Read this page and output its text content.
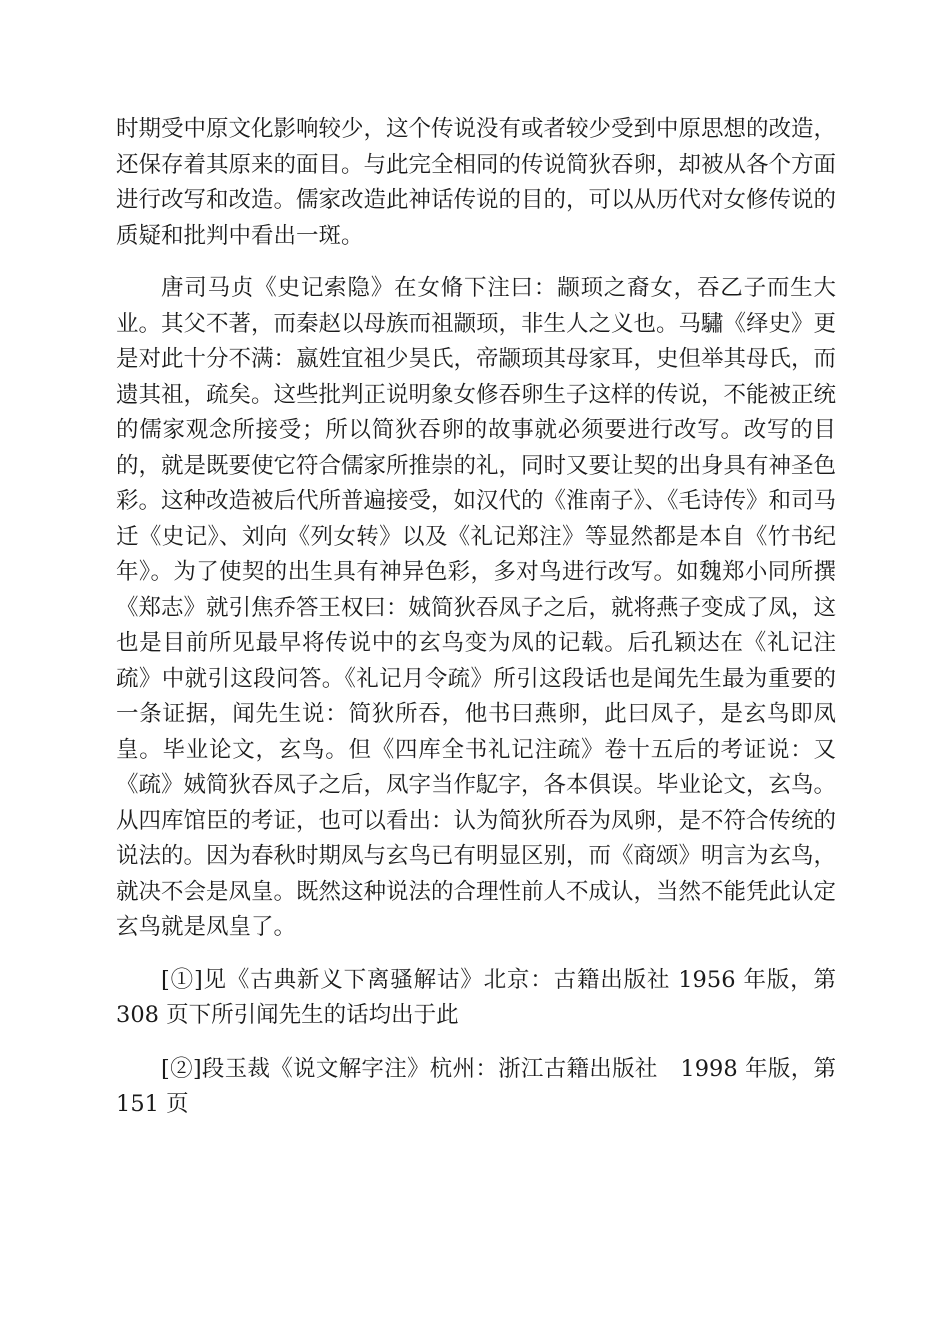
时期受中原文化影响较少，这个传说没有或者较少受到中原思想的改造，还保存着其原来的面目。与此完全相同的传说简狄吞卵，却被从各个方面进行改写和改造。儒家改造此神话传说的目的，可以从历代对女修传说的质疑和批判中看出一斑。

唐司马贞《史记索隐》在女脩下注曰：颛顼之裔女，吞乙子而生大业。其父不著，而秦赵以母族而祖颛顼，非生人之义也。马驌《绎史》更是对此十分不满：嬴姓宜祖少昊氏，帝颛顼其母家耳，史但举其母氏，而遗其祖，疏矣。这些批判正说明象女修吞卵生子这样的传说，不能被正统的儒家观念所接受；所以简狄吞卵的故事就必须要进行改写。改写的目的，就是既要使它符合儒家所推崇的礼，同时又要让契的出身具有神圣色彩。这种改造被后代所普遍接受，如汉代的《淮南子》、《毛诗传》和司马迁《史记》、刘向《列女转》以及《礼记郑注》等显然都是本自《竹书纪年》。为了使契的出生具有神异色彩，多对鸟进行改写。如魏郑小同所撰《郑志》就引焦乔答王权曰：娀简狄吞凤子之后，就将燕子变成了凤，这也是目前所见最早将传说中的玄鸟变为凤的记载。后孔颖达在《礼记注疏》中就引这段问答。《礼记月令疏》所引这段话也是闻先生最为重要的一条证据，闻先生说：简狄所吞，他书曰燕卵，此曰凤子，是玄鸟即凤皇。毕业论文，玄鸟。但《四库全书礼记注疏》卷十五后的考证说：又《疏》娀简狄吞凤子之后，凤字当作鳦字，各本俱误。毕业论文，玄鸟。从四库馆臣的考证，也可以看出：认为简狄所吞为凤卵，是不符合传统的说法的。因为春秋时期凤与玄鸟已有明显区别，而《商颂》明言为玄鸟，就决不会是凤皇。既然这种说法的合理性前人不成认，当然不能凭此认定玄鸟就是凤皇了。

[①]见《古典新义下离骚解诂》北京：古籍出版社 1956 年版，第 308 页下所引闻先生的话均出于此

[②]段玉裁《说文解字注》杭州：浙江古籍出版社　1998 年版，第 151 页
